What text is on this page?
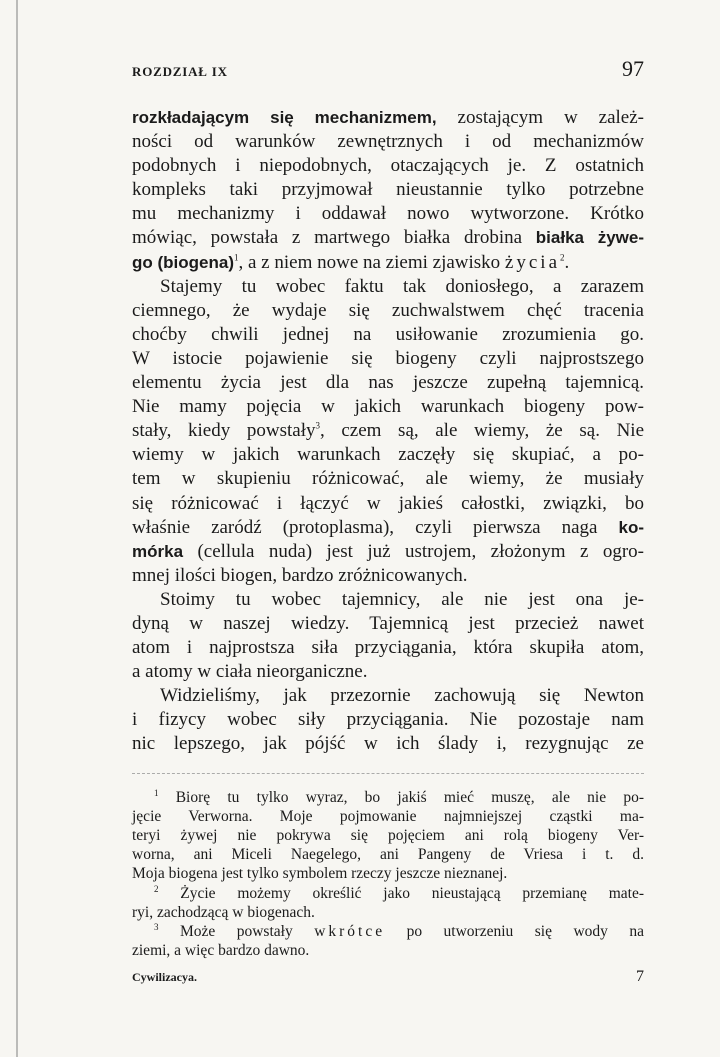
ROZDZIAŁ IX	97

rozkładającym się mechanizmem, zostającym w zależ-

ności od warunków zewnętrznych i od mechanizmów

podobnych i niepodobnych, otaczających je. Z ostatnich

kompleks taki przyjmował nieustannie tylko potrzebne

mu mechanizmy i oddawał nowo wytworzone. Krótko

mówiąc, powstała z martwego białka drobina białka żywe-

go (biogena)$^1$, a z niem nowe na ziemi zjawisko życia$^2$.

Stajemy tu wobec faktu tak doniosłego, a zarazem

ciemnego, że wydaje się zuchwalstwem chęć tracenia

choćby chwili jednej na usiłowanie zrozumienia go.

W istocie pojawienie się biogeny czyli najprostszego

elementu życia jest dla nas jeszcze zupełną tajemnicą.

Nie mamy pojęcia w jakich warunkach biogeny pow-

stały, kiedy powstały$^3$, czem są, ale wiemy, że są. Nie

wiemy w jakich warunkach zaczęły się skupiać, a po-

tem w skupieniu różnicować, ale wiemy, że musiały

się różnicować i łączyć w jakieś całostki, związki, bo

właśnie zaródź (protoplasma), czyli pierwsza naga ko-

mórka (cellula nuda) jest już ustrojem, złożonym z ogro-

mnej ilości biogen, bardzo zróżnicowanych.

Stoimy tu wobec tajemnicy, ale nie jest ona je-

dyną w naszej wiedzy. Tajemnicą jest przecież nawet

atom i najprostsza siła przyciągania, która skupiła atom,

a atomy w ciała nieorganiczne.

Widzieliśmy, jak przezornie zachowują się Newton

i fizycy wobec siły przyciągania. Nie pozostaje nam

nic lepszego, jak pójść w ich ślady i, rezygnując ze

$^1$ Biorę tu tylko wyraz, bo jakiś mieć muszę, ale nie po-

jęcie Verworna. Moje pojmowanie najmniejszej cząstki ma-

teryi żywej nie pokrywa się pojęciem ani rolą biogeny Ver-

worna, ani Miceli Naegelego, ani Pangeny de Vriesa i t. d.

Moja biogena jest tylko symbolem rzeczy jeszcze nieznanej.

$^2$ Życie możemy określić jako nieustającą przemianę mate-

ryi, zachodzącą w biogenach.

$^3$ Może powstały wkrótce po utworzeniu się wody na

ziemi, a więc bardzo dawno.

Cywilizacya.	7
